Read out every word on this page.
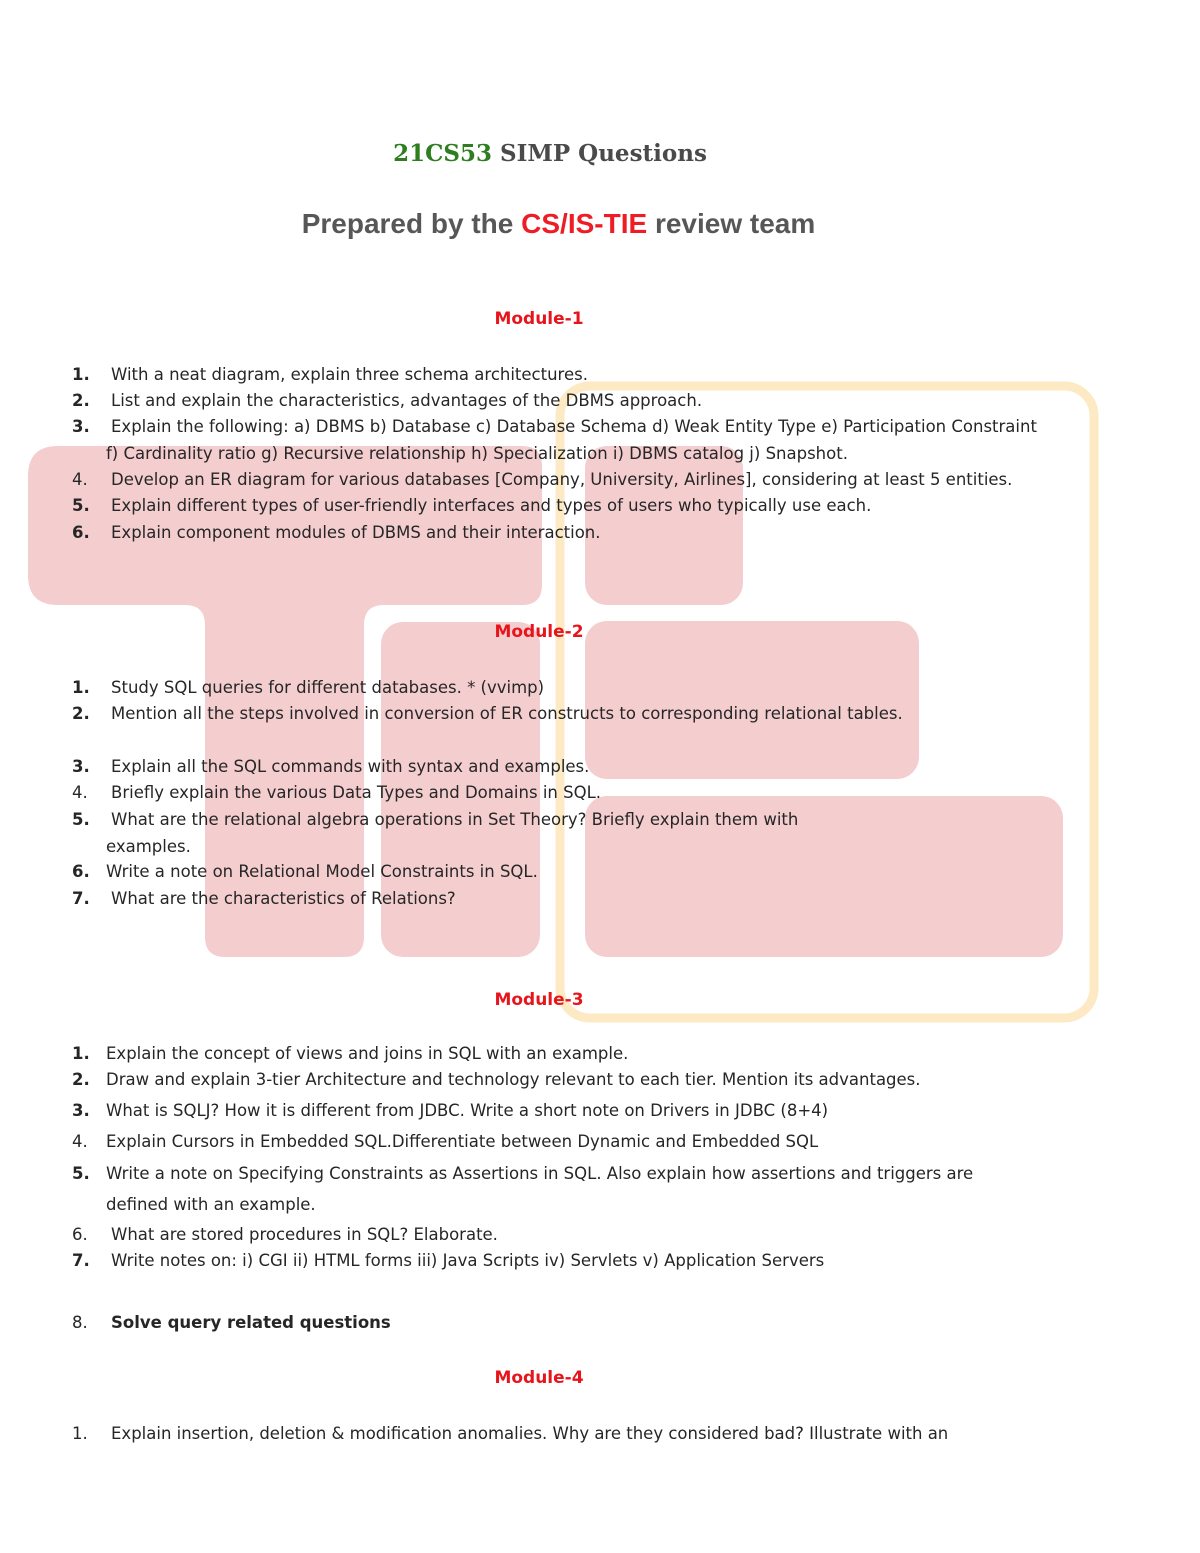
21CS53 SIMP Questions
Prepared by the CS/IS-TIE review team
Module-1
1.	With a neat diagram, explain three schema architectures.
2.	List and explain the characteristics, advantages of the DBMS approach.
3.	Explain the following: a) DBMS b) Database c) Database Schema d) Weak Entity Type e) Participation Constraint f) Cardinality ratio g) Recursive relationship h) Specialization i) DBMS catalog j) Snapshot.
4.	Develop an ER diagram for various databases [Company, University, Airlines], considering at least 5 entities.
5.	Explain different types of user-friendly interfaces and types of users who typically use each.
6.	Explain component modules of DBMS and their interaction.
Module-2
1.	Study SQL queries for different databases. * (vvimp)
2.	Mention all the steps involved in conversion of ER constructs to corresponding relational tables.
3.	Explain all the SQL commands with syntax and examples.
4.	Briefly explain the various Data Types and Domains in SQL.
5.	What are the relational algebra operations in Set Theory? Briefly explain them with examples.
6. Write a note on Relational Model Constraints in SQL.
7.	What are the characteristics of Relations?
Module-3
1. Explain the concept of views and joins in SQL with an example.
2. Draw and explain 3-tier Architecture and technology relevant to each tier. Mention its advantages.
3. What is SQLJ? How it is different from JDBC. Write a short note on Drivers in JDBC (8+4)
4.	Explain Cursors in Embedded SQL.Differentiate between Dynamic and Embedded SQL
5. Write a note on Specifying Constraints as Assertions in SQL. Also explain how assertions and triggers are defined with an example.
6.	What are stored procedures in SQL? Elaborate.
7.	Write notes on: i) CGI ii) HTML forms iii) Java Scripts iv) Servlets v) Application Servers
8.	Solve query related questions
Module-4
1.	Explain insertion, deletion & modification anomalies. Why are they considered bad? Illustrate with an
